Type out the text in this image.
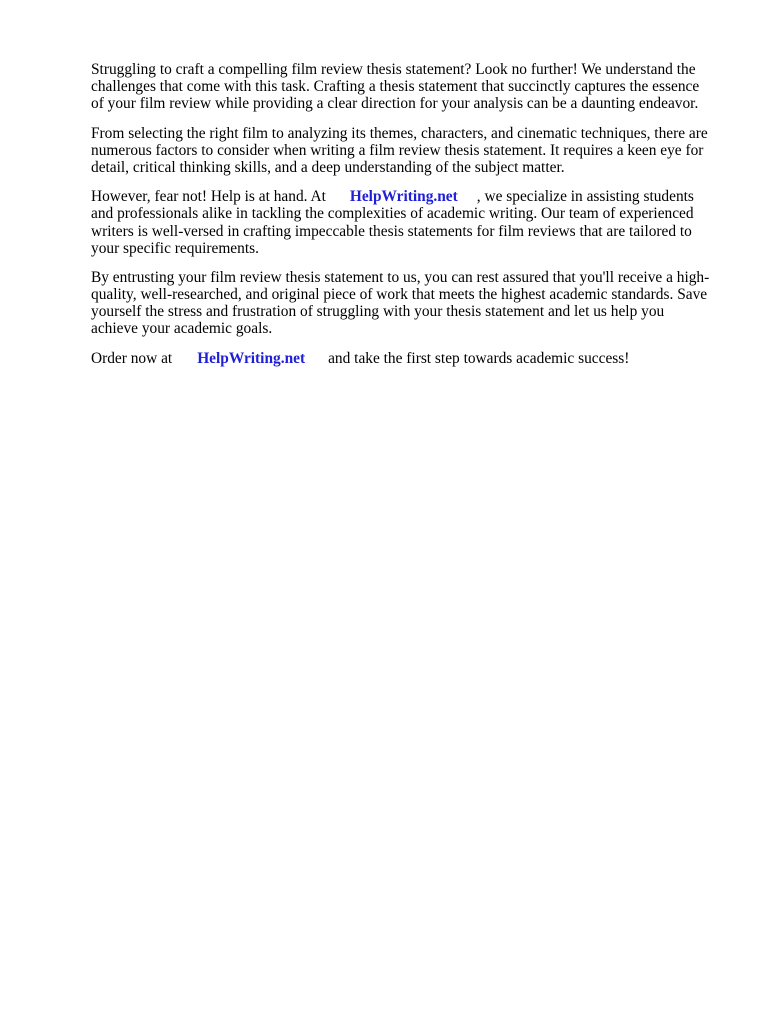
Struggling to craft a compelling film review thesis statement? Look no further! We understand the
challenges that come with this task. Crafting a thesis statement that succinctly captures the essence
of your film review while providing a clear direction for your analysis can be a daunting endeavor.

From selecting the right film to analyzing its themes, characters, and cinematic techniques, there are
numerous factors to consider when writing a film review thesis statement. It requires a keen eye for
detail, critical thinking skills, and a deep understanding of the subject matter.

However, fear not! Help is at hand. At HelpWriting.net , we specialize in assisting students
and professionals alike in tackling the complexities of academic writing. Our team of experienced
writers is well-versed in crafting impeccable thesis statements for film reviews that are tailored to
your specific requirements.

By entrusting your film review thesis statement to us, you can rest assured that you'll receive a high-
quality, well-researched, and original piece of work that meets the highest academic standards. Save
yourself the stress and frustration of struggling with your thesis statement and let us help you
achieve your academic goals.

Order now at HelpWriting.net and take the first step towards academic success!
